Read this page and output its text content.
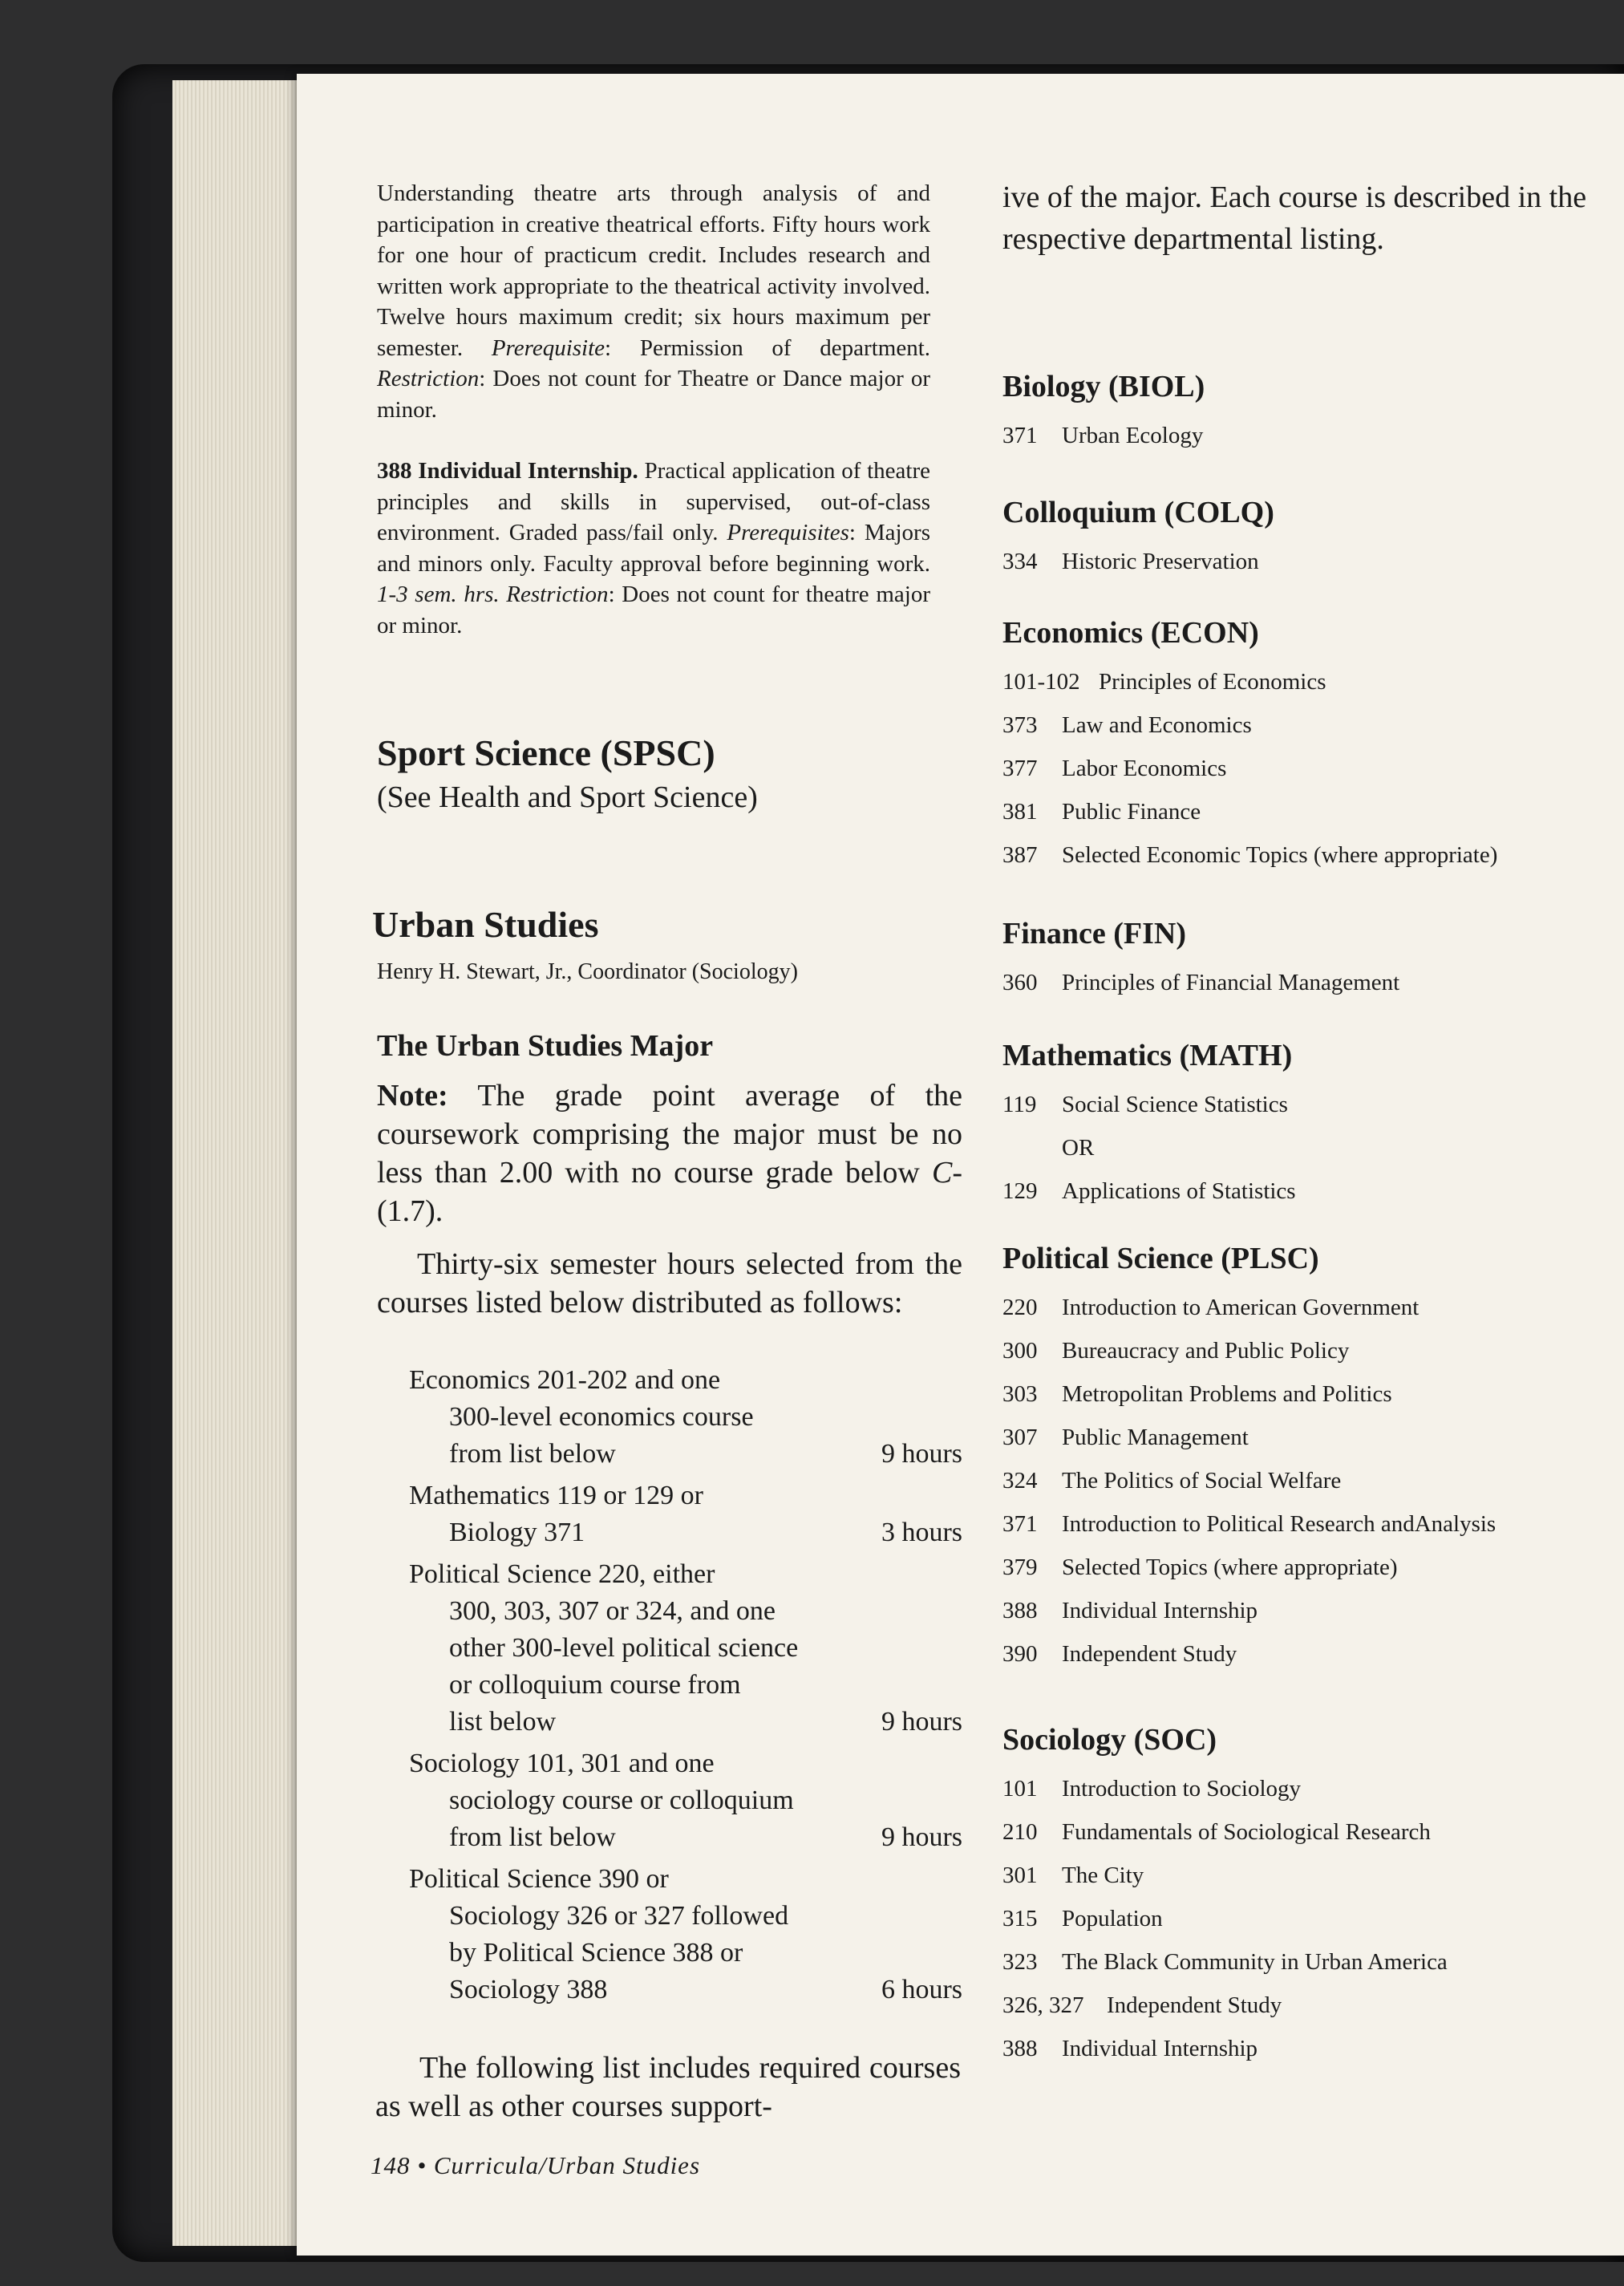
Understanding theatre arts through analysis of and participation in creative theatrical efforts. Fifty hours work for one hour of practicum credit. Includes research and written work appropriate to the theatrical activity involved. Twelve hours maximum credit; six hours maximum per semester. Prerequisite: Permission of department. Restriction: Does not count for Theatre or Dance major or minor.

388 Individual Internship. Practical application of theatre principles and skills in supervised, out-of-class environment. Graded pass/fail only. Prerequisites: Majors and minors only. Faculty approval before beginning work. 1-3 sem. hrs. Restriction: Does not count for theatre major or minor.

Sport Science (SPSC)

(See Health and Sport Science)

Urban Studies

Henry H. Stewart, Jr., Coordinator (Sociology)

The Urban Studies Major

Note: The grade point average of the coursework comprising the major must be no less than 2.00 with no course grade below C- (1.7).

Thirty-six semester hours selected from the courses listed below distributed as follows:

Economics 201-202 and one
300-level economics course
from list below	9 hours
Mathematics 119 or 129 or
Biology 371	3 hours
Political Science 220, either
300, 303, 307 or 324, and one
other 300-level political science
or colloquium course from
list below	9 hours
Sociology 101, 301 and one
sociology course or colloquium
from list below	9 hours
Political Science 390 or
Sociology 326 or 327 followed
by Political Science 388 or
Sociology 388	6 hours

The following list includes required courses as well as other courses support-

ive of the major. Each course is described in the respective departmental listing.

Biology (BIOL)
371 Urban Ecology
Colloquium (COLQ)
334 Historic Preservation
Economics (ECON)
101-102 Principles of Economics
373 Law and Economics
377 Labor Economics
381 Public Finance
387 Selected Economic Topics (where appropriate)
Finance (FIN)
360 Principles of Financial Management
Mathematics (MATH)
119 Social Science Statistics
OR
129 Applications of Statistics
Political Science (PLSC)
220 Introduction to American Government
300 Bureaucracy and Public Policy
303 Metropolitan Problems and Politics
307 Public Management
324 The Politics of Social Welfare
371 Introduction to Political Research andAnalysis
379 Selected Topics (where appropriate)
388 Individual Internship
390 Independent Study
Sociology (SOC)
101 Introduction to Sociology
210 Fundamentals of Sociological Research
301 The City
315 Population
323 The Black Community in Urban America
326, 327 Independent Study
388 Individual Internship
148 • Curricula/Urban Studies
